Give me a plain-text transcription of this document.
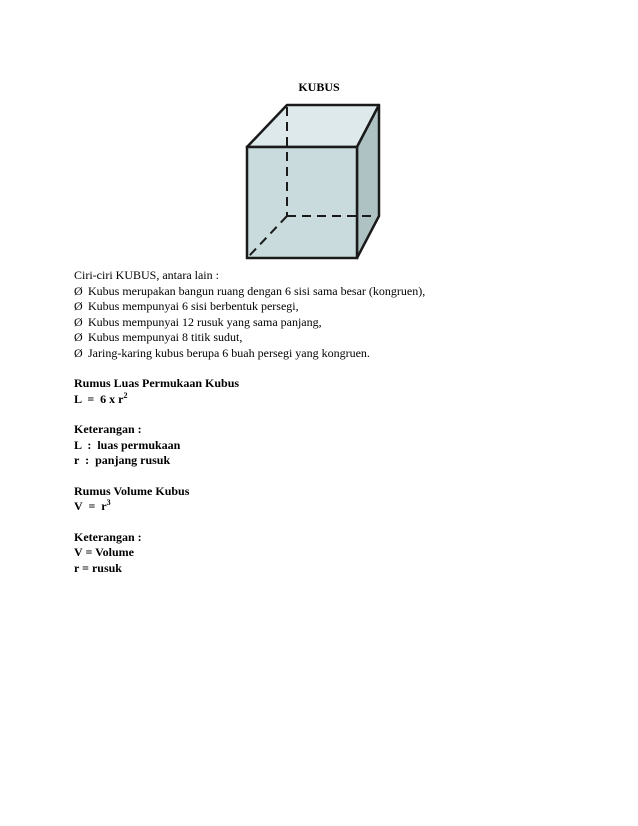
KUBUS
Ciri-ciri KUBUS, antara lain :
Ø Kubus merupakan bangun ruang dengan 6 sisi sama besar (kongruen),
Ø Kubus mempunyai 6 sisi berbentuk persegi,
Ø Kubus mempunyai 12 rusuk yang sama panjang,
Ø Kubus mempunyai 8 titik sudut,
Ø Jaring-karing kubus berupa 6 buah persegi yang kongruen.
Rumus Luas Permukaan Kubus
L  =  6 x $r^2$
Keterangan :
L  :  luas permukaan
r  :  panjang rusuk
Rumus Volume Kubus
$V = r^3$
Keterangan :
V = Volume
r = rusuk
